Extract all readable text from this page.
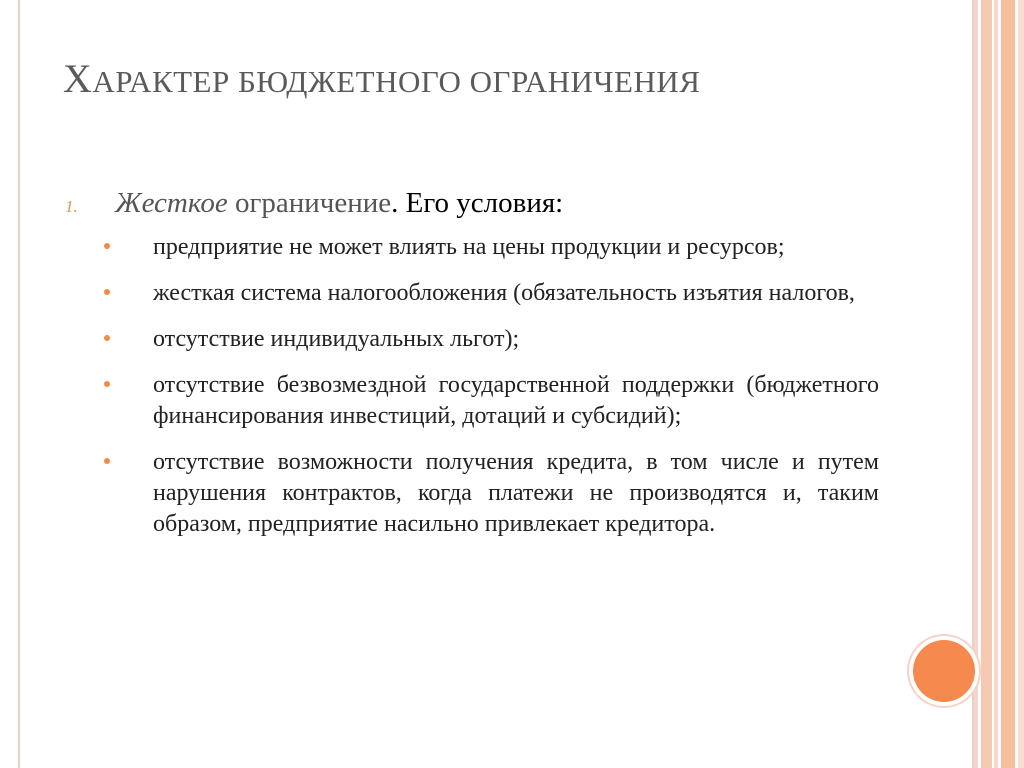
ХАРАКТЕР БЮДЖЕТНОГО ОГРАНИЧЕНИЯ
1.	Жесткое ограничение. Его условия:
предприятие не может влиять на цены продукции и ресурсов;
жесткая система налогообложения (обязательность изъятия налогов,
отсутствие индивидуальных льгот);
отсутствие безвозмездной государственной поддержки (бюджетного финансирования инвестиций, дотаций и субсидий);
отсутствие возможности получения кредита, в том числе и путем нарушения контрактов, когда платежи не производятся и, таким образом, предприятие насильно привлекает кредитора.
